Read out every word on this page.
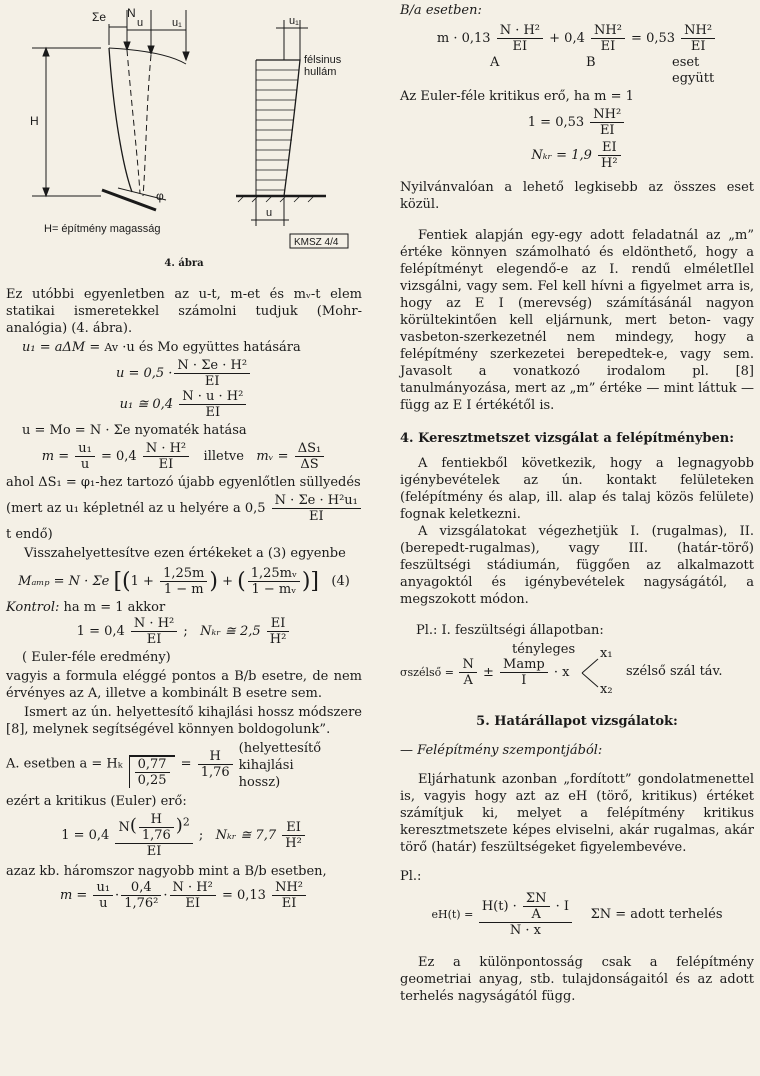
Σe N
u	u₁
H
φ
H= építmény magasság
u₁
félsinus
hullám
u
KMSZ 4/4

4. ábra

Ez utóbbi egyenletben az u-t, m-et és mᵥ-t elem statikai ismeretekkel számolni tudjuk (Mohr-analógia) (4. ábra).

u₁ = aΔM = Av ·u és Mo együttes hatására

$u = 0,5 \cdot \frac{\text{N · Σe · H²}}{EI}$

u₁ ≅ $0,4 \frac{\text{N · u · H²}}{EI}$

u = Mo = N · Σe nyomaték hatása

$m = \frac{\text{u₁}}{u} = 0,4 \frac{\text{N · H²}}{EI}$ illetve   mᵥ = $\frac{\text{ΔS₁}}{\Delta S}$

ahol ΔS₁ = φ₁-hez tartozó újabb egyenlőtlen süllyedés

(mert az u₁ képletnél az u helyére a $0,5 \frac{\text{N · Σe · H²u₁}}{EI}$

t endő)

Visszahelyettesítve ezen értékeket a (3) egyenbe

Mₐₘₚ = N · Σe [($1 + \frac{1,25m}{1 - m}$ ) + ( $\frac{\text{1,25mᵥ}}{\text{1 − mᵥ}}$ )] (4)

Kontrol: ha m = 1 akkor

$1 = 0,4 \frac{\text{N · H²}}{EI}$ ;   Nₖᵣ ≅ $2,5 \frac{EI}{\text{H²}}$

( Euler-féle eredmény)

vagyis a formula eléggé pontos a B/b esetre, de nem érvényes az A, illetve a kombinált B esetre sem.

Ismert az ún. helyettesítő kihajlási hossz módszere [8], melynek segítségével könnyen boldogolunk”.

A. esetben a = Hₖ
$\frac{0,77}{0,25} = \frac{H}{1,76}$	(helyettesítő kihajlási hossz)

ezért a kritikus (Euler) erő:

$1 = 0,4 \frac{N( \frac{H}{1,76} )^2}{EI}$ ;   Nₖᵣ ≅ $7,7 \frac{EI}{\text{H²}}$

azaz kb. háromszor nagyobb mint a B/b esetben,

$m = \frac{\text{u₁}}{u} \cdot \frac{0,4}{\text{1,76²}} \cdot \frac{\text{N · H²}}{EI} = 0,13 \frac{\text{NH²}}{EI}$

B/a esetben:

$m \cdot 0,13 \frac{\text{N · H²}}{EI} + 0,4 \frac{\text{NH²}}{EI} = 0,53 \frac{\text{NH²}}{EI}$

A	B	eset
együtt

Az Euler-féle kritikus erő, ha m = 1

$1 = 0,53 \frac{\text{NH²}}{EI}$

Nₖᵣ = $1,9 \frac{EI}{\text{H²}}$

Nyilvánvalóan a lehető legkisebb az összes eset közül.

Fentiek alapján egy-egy adott feladatnál az „m” értéke könnyen számolható és eldönthető, hogy a felépítményt elegendő-e az I. rendű elméletIlel vizsgálni, vagy sem. Fel kell hívni a figyelmet arra is, hogy az E I (merevség) számításánál nagyon körültekintően kell eljárnunk, mert beton- vagy vasbeton-szerkezetnél nem mindegy, hogy a felépítmény szerkezetei berepedtek-e, vagy sem. Javasolt a vonatkozó irodalom pl. [8] tanulmányozása, mert az „m” értéke — mint láttuk — függ az E I értékétől is.

4. Keresztmetszet vizsgálat a felépítményben:

A fentiekből következik, hogy a legnagyobb igénybevételek az ún. kontakt felületeken (felépítmény és alap, ill. alap és talaj közös felülete) fognak keletkezni.

A vizsgálatokat végezhetjük I. (rugalmas), II. (berepedt-rugalmas), vagy III. (határ-törő) feszültségi stádiumán, függően az alkalmazott anyagoktól és igénybevételek nagyságától, a megszokott módon.

Pl.: I. feszültségi állapotban:

tényleges
σszélső = $\frac{N}{A} \pm \frac{\text{Mamp}}{I} \cdot x$
x₁
x₂
szélső szál táv.

5. Határállapot vizsgálatok:

— Felépítmény szempontjából:

Eljárhatunk azonban „fordított” gondolatmenettel is, vagyis hogy azt az eH (törő, kritikus) értéket számítjuk ki, melyet a felépítmény kritikus keresztmetszete képes elviselni, akár rugalmas, akár törő (határ) feszültségeket figyelembevéve.

Pl.:

$eH(t) = \frac{H(t) \cdot \frac{\Sigma N}{A} \cdot I}{N \cdot x}$ ΣN = adott terhelés

Ez a különpontosság csak a felépítmény geometriai anyag, stb. tulajdonságaitól és az adott terhelés nagyságától függ.
